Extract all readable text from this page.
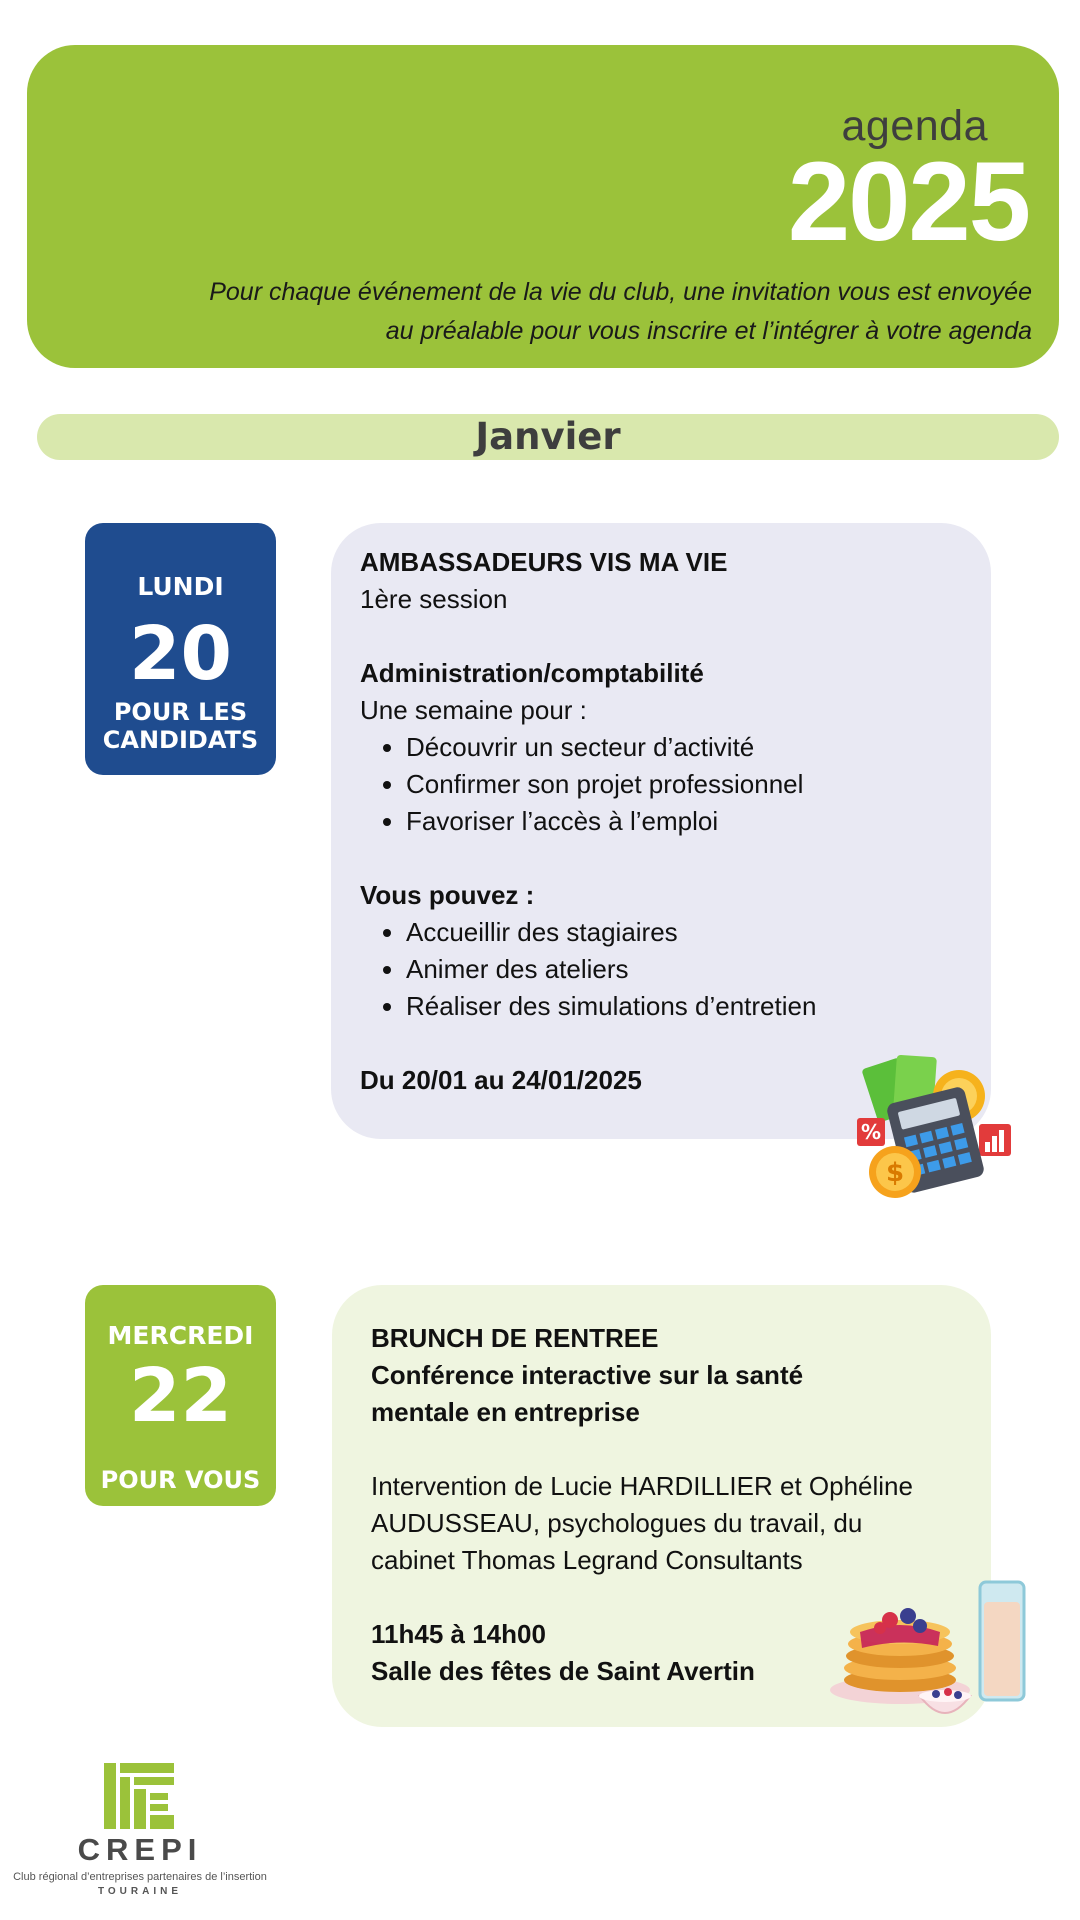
agenda
2025
Pour chaque événement de la vie du club, une invitation vous est envoyée
au préalable pour vous inscrire et l’intégrer à votre agenda
Janvier
LUNDI
20
POUR LES
CANDIDATS
AMBASSADEURS VIS MA VIE
1ère session
Administration/comptabilité
Une semaine pour :
• Découvrir un secteur d’activité
• Confirmer son projet professionnel
• Favoriser l’accès à l’emploi
Vous pouvez :
• Accueillir des stagiaires
• Animer des ateliers
• Réaliser des simulations d’entretien
Du 20/01 au 24/01/2025
%
$
MERCREDI
22
POUR VOUS
BRUNCH DE RENTREE
Conférence interactive sur la santé
mentale en entreprise
Intervention de Lucie HARDILLIER et Ophéline
AUDUSSEAU, psychologues du travail, du
cabinet Thomas Legrand Consultants
11h45 à 14h00
Salle des fêtes de Saint Avertin
CREPI
Club régional d’entreprises partenaires de l’insertion
TOURAINE
